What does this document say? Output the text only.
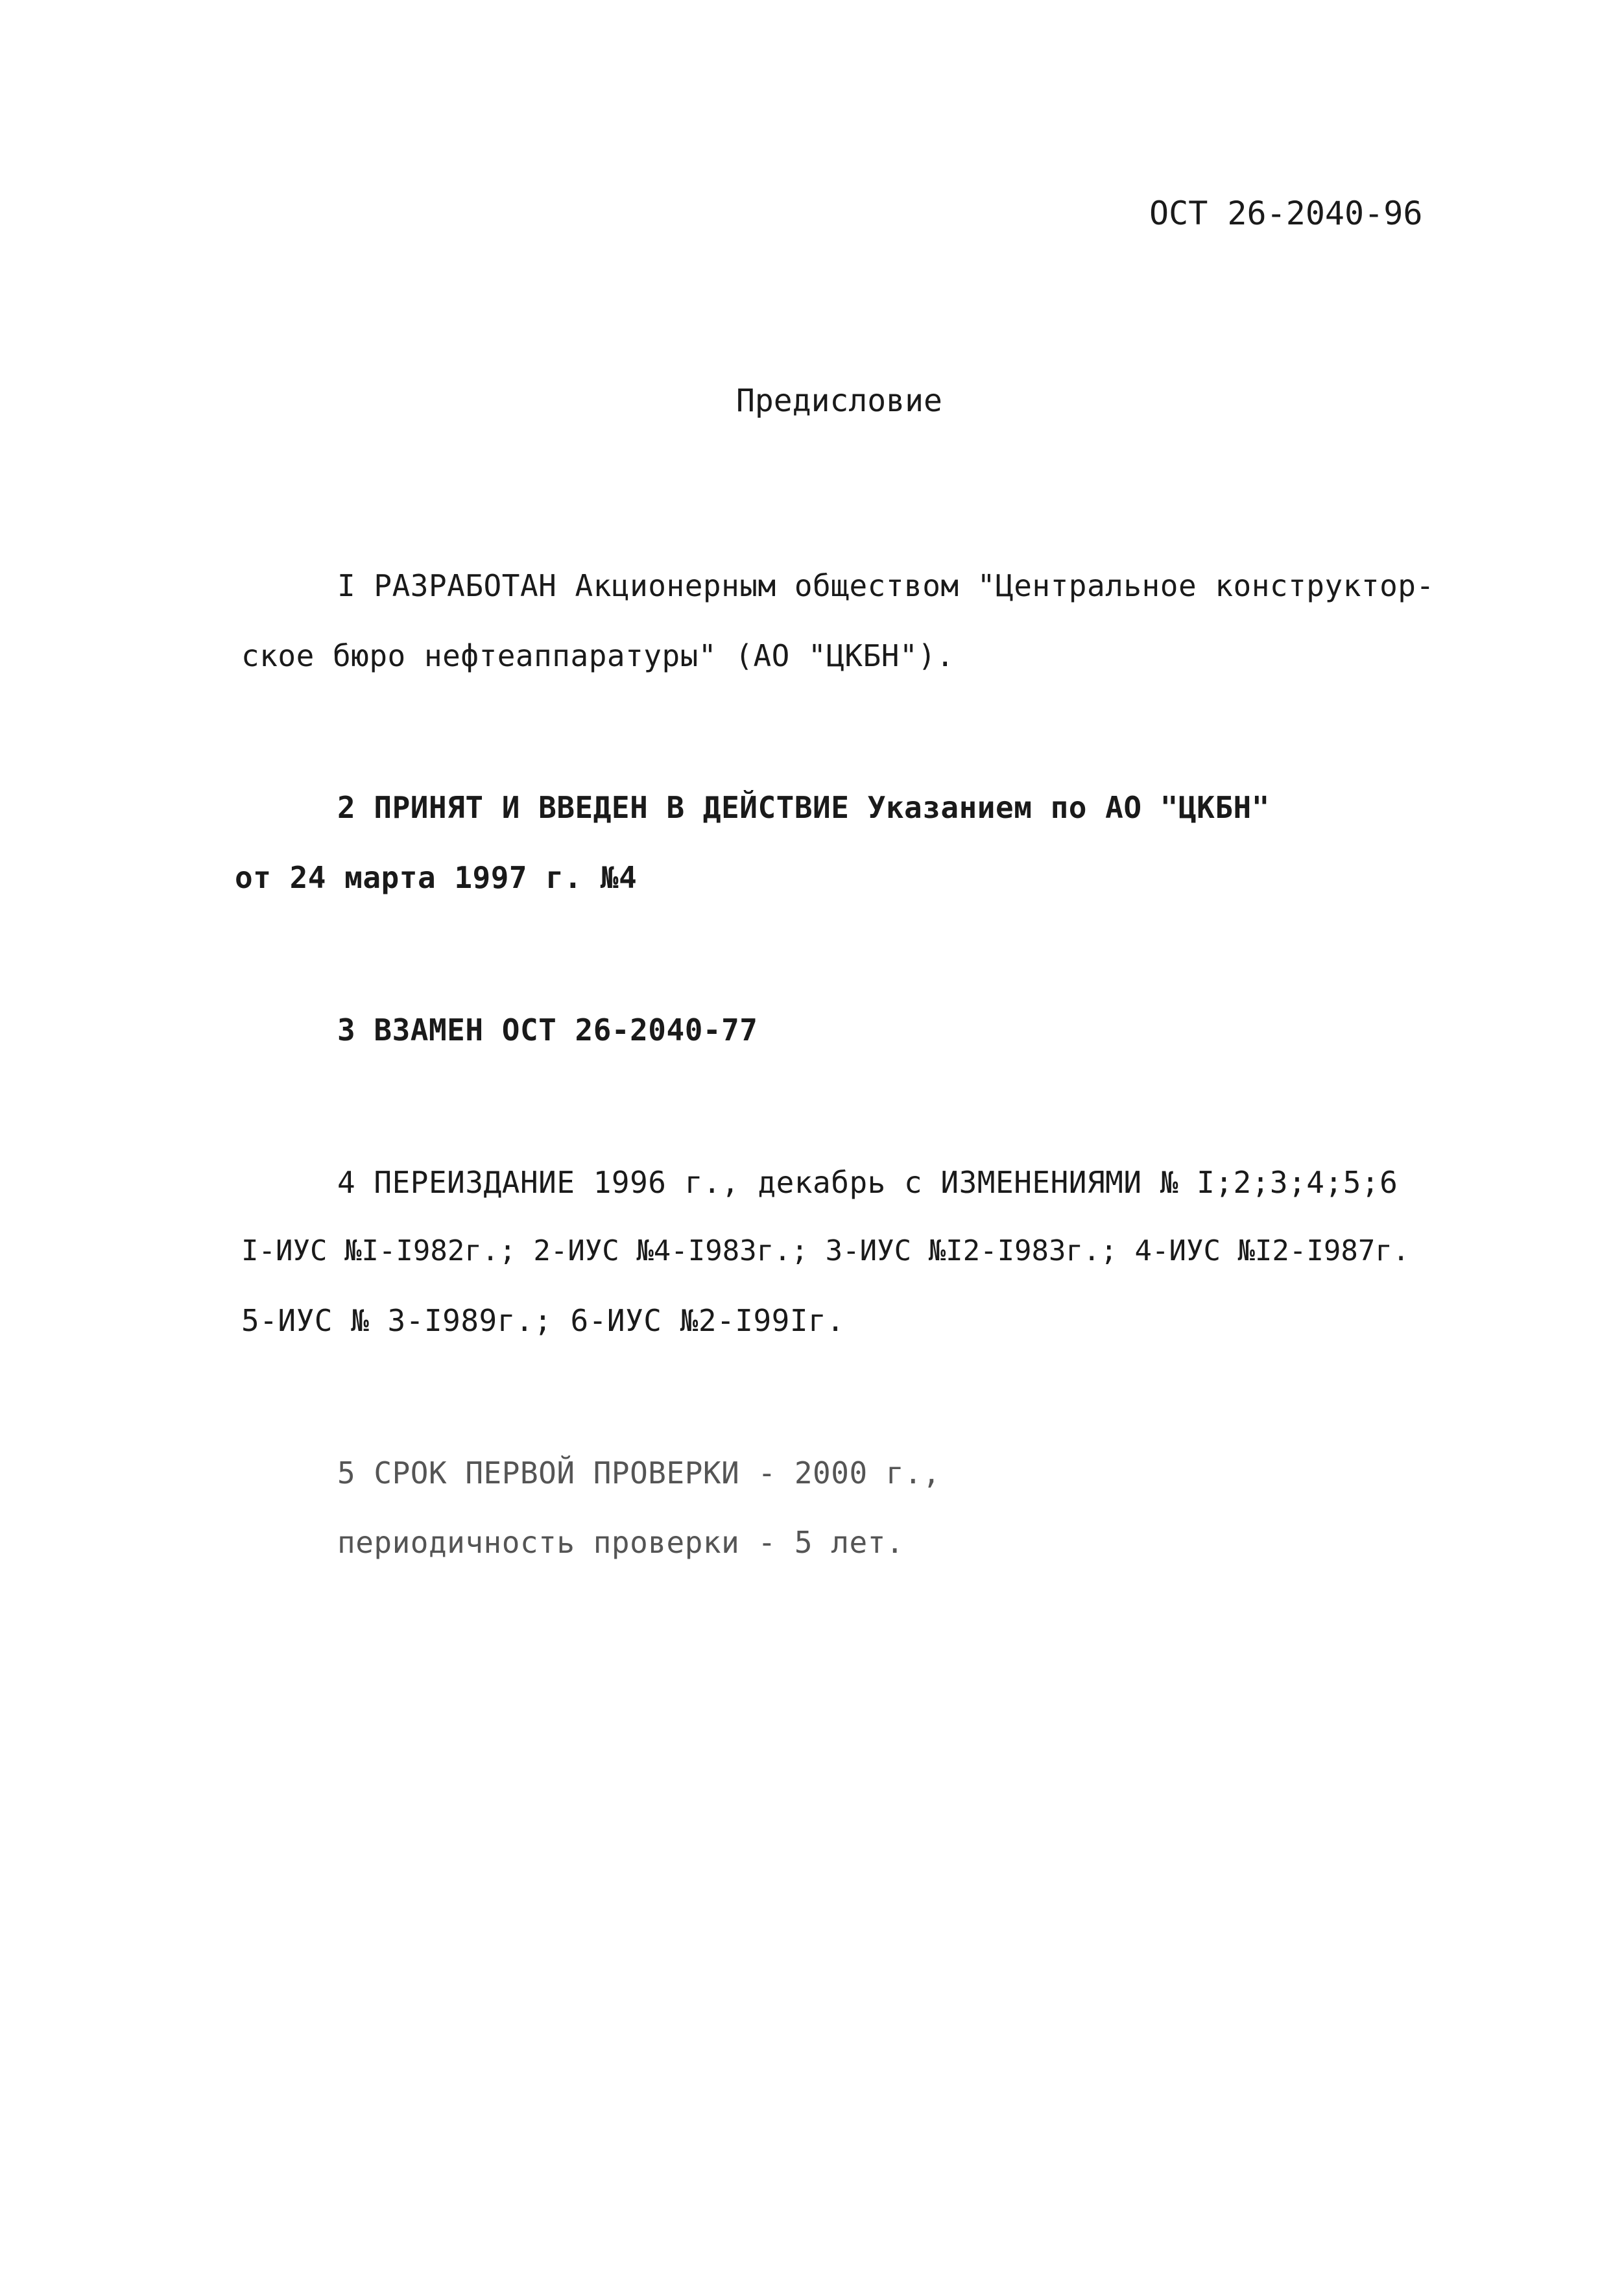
ОСТ 26-2040-96
Предисловие
I РАЗРАБОТАН Акционерным обществом "Центральное конструктор-
ское бюро нефтеаппаратуры" (АО "ЦКБН").
2 ПРИНЯТ И ВВЕДЕН В ДЕЙСТВИЕ Указанием по АО "ЦКБН"
от 24 марта 1997 г. №4
3 ВЗАМЕН ОСТ 26-2040-77
4 ПЕРЕИЗДАНИЕ 1996 г., декабрь с ИЗМЕНЕНИЯМИ № I;2;3;4;5;6
I-ИУС №I-I982г.; 2-ИУС №4-I983г.; 3-ИУС №I2-I983г.; 4-ИУС №I2-I987г.
5-ИУС № 3-I989г.; 6-ИУС №2-I99Iг.
5 СРОК ПЕРВОЙ ПРОВЕРКИ - 2000 г.,
периодичность проверки - 5 лет.
